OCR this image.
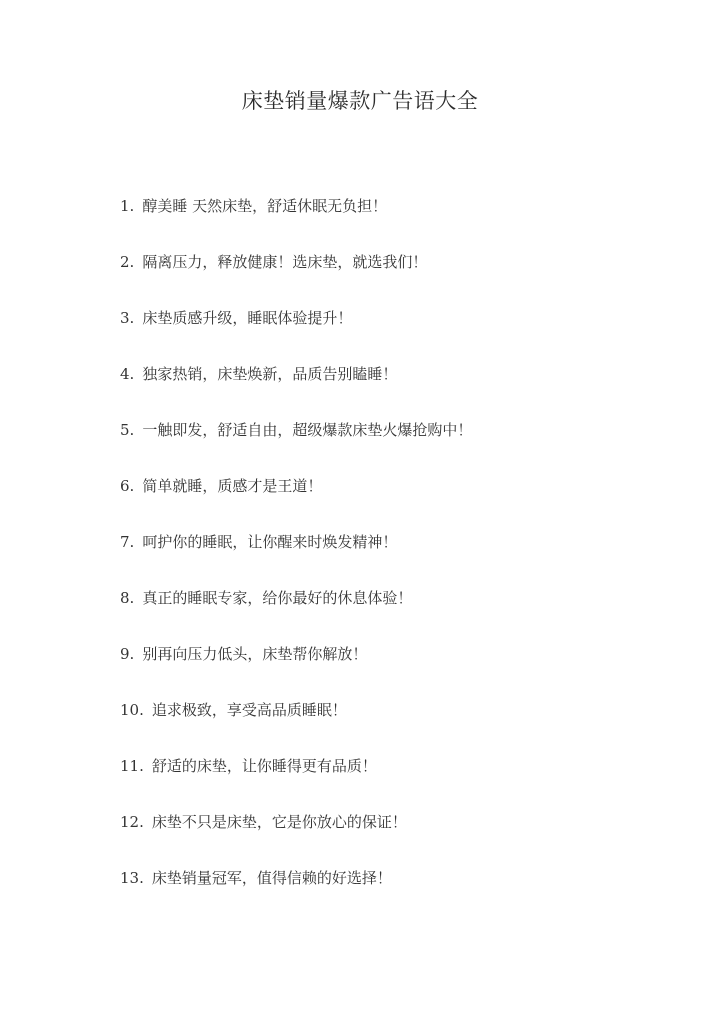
床垫销量爆款广告语大全
1. 醇美睡 天然床垫，舒适休眠无负担！
2. 隔离压力，释放健康！选床垫，就选我们！
3. 床垫质感升级，睡眠体验提升！
4. 独家热销，床垫焕新，品质告别瞌睡！
5. 一触即发，舒适自由，超级爆款床垫火爆抢购中！
6. 简单就睡，质感才是王道！
7. 呵护你的睡眠，让你醒来时焕发精神！
8. 真正的睡眠专家，给你最好的休息体验！
9. 别再向压力低头，床垫帮你解放！
10. 追求极致，享受高品质睡眠！
11. 舒适的床垫，让你睡得更有品质！
12. 床垫不只是床垫，它是你放心的保证！
13. 床垫销量冠军，值得信赖的好选择！
